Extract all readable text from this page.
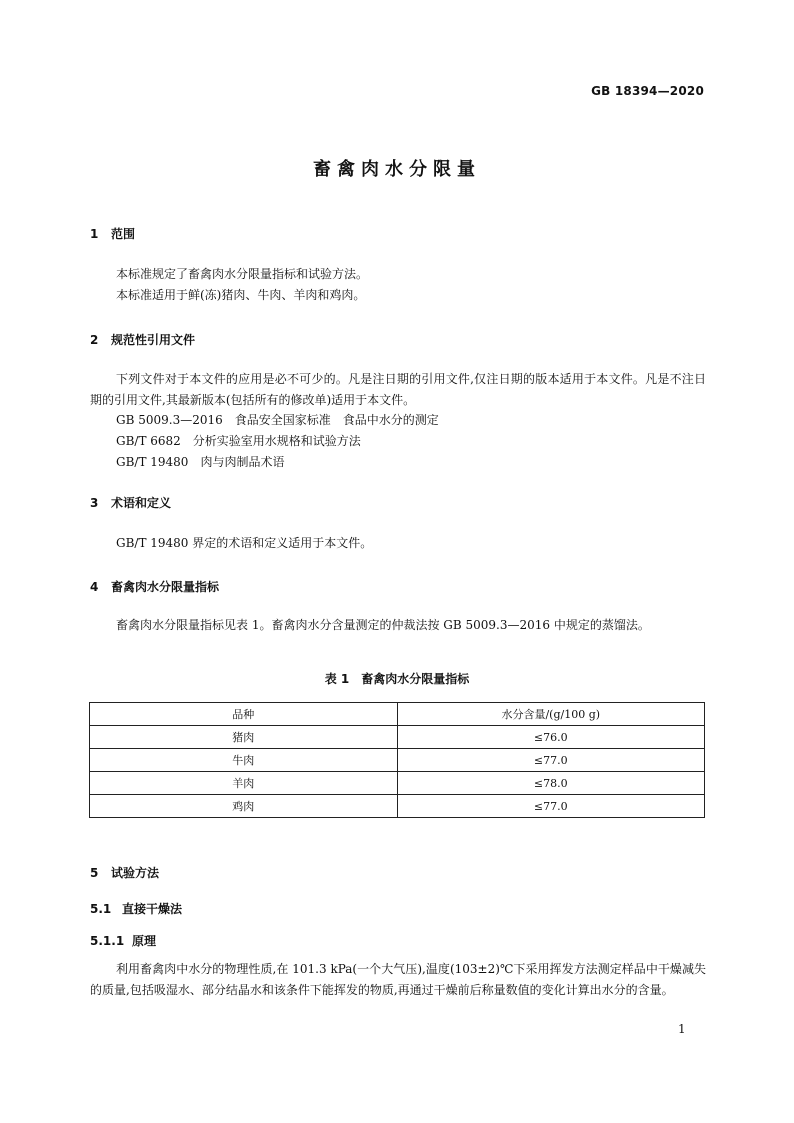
GB 18394—2020
畜禽肉水分限量
1 范围
本标准规定了畜禽肉水分限量指标和试验方法。
本标准适用于鲜(冻)猪肉、牛肉、羊肉和鸡肉。
2 规范性引用文件
下列文件对于本文件的应用是必不可少的。凡是注日期的引用文件,仅注日期的版本适用于本文件。凡是不注日期的引用文件,其最新版本(包括所有的修改单)适用于本文件。
GB 5009.3—2016　食品安全国家标准　食品中水分的测定
GB/T 6682　分析实验室用水规格和试验方法
GB/T 19480　肉与肉制品术语
3 术语和定义
GB/T 19480 界定的术语和定义适用于本文件。
4 畜禽肉水分限量指标
畜禽肉水分限量指标见表 1。畜禽肉水分含量测定的仲裁法按 GB 5009.3—2016 中规定的蒸馏法。
表 1　畜禽肉水分限量指标
品种	水分含量/(g/100 g)
猪肉	≤76.0
牛肉	≤77.0
羊肉	≤78.0
鸡肉	≤77.0
5 试验方法
5.1 直接干燥法
5.1.1 原理
利用畜禽肉中水分的物理性质,在 101.3 kPa(一个大气压),温度(103±2)℃下采用挥发方法测定样品中干燥减失的质量,包括吸湿水、部分结晶水和该条件下能挥发的物质,再通过干燥前后称量数值的变化计算出水分的含量。
1
